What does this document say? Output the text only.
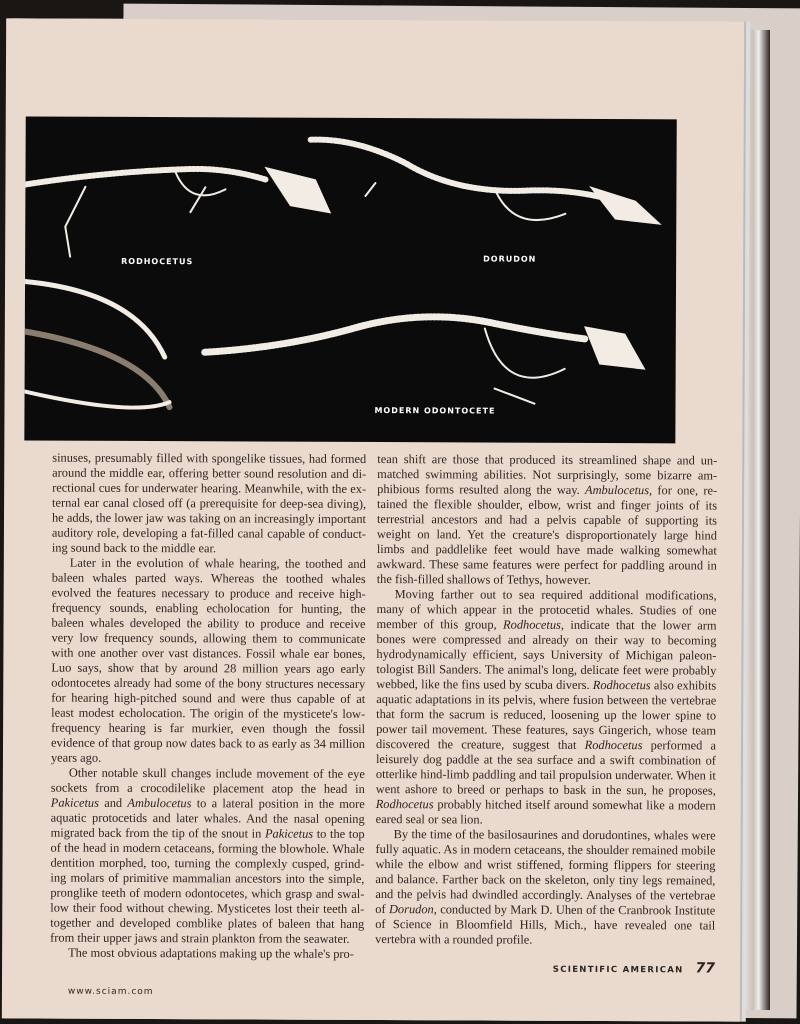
RODHOCETUS	DORUDON
MODERN ODONTOCETE

sinuses, presumably filled with spongelike tissues, had formed around the middle ear, offering better sound resolution and directional cues for underwater hearing. Meanwhile, with the external ear canal closed off (a prerequisite for deep-sea diving), he adds, the lower jaw was taking on an increasingly important auditory role, developing a fat-filled canal capable of conducting sound back to the middle ear.

Later in the evolution of whale hearing, the toothed and baleen whales parted ways. Whereas the toothed whales evolved the features necessary to produce and receive high-frequency sounds, enabling echolocation for hunting, the baleen whales developed the ability to produce and receive very low frequency sounds, allowing them to communicate with one another over vast distances. Fossil whale ear bones, Luo says, show that by around 28 million years ago early odontocetes already had some of the bony structures necessary for hearing high-pitched sound and were thus capable of at least modest echolocation. The origin of the mysticete's low-frequency hearing is far murkier, even though the fossil evidence of that group now dates back to as early as 34 million years ago.

Other notable skull changes include movement of the eye sockets from a crocodilelike placement atop the head in Pakicetus and Ambulocetus to a lateral position in the more aquatic protocetids and later whales. And the nasal opening migrated back from the tip of the snout in Pakicetus to the top of the head in modern cetaceans, forming the blowhole. Whale dentition morphed, too, turning the complexly cusped, grinding molars of primitive mammalian ancestors into the simple, pronglike teeth of modern odontocetes, which grasp and swallow their food without chewing. Mysticetes lost their teeth altogether and developed comblike plates of baleen that hang from their upper jaws and strain plankton from the seawater.

The most obvious adaptations making up the whale's pro-

www.sciam.com

tean shift are those that produced its streamlined shape and unmatched swimming abilities. Not surprisingly, some bizarre amphibious forms resulted along the way. Ambulocetus, for one, retained the flexible shoulder, elbow, wrist and finger joints of its terrestrial ancestors and had a pelvis capable of supporting its weight on land. Yet the creature's disproportionately large hind limbs and paddlelike feet would have made walking somewhat awkward. These same features were perfect for paddling around in the fish-filled shallows of Tethys, however.

Moving farther out to sea required additional modifications, many of which appear in the protocetid whales. Studies of one member of this group, Rodhocetus, indicate that the lower arm bones were compressed and already on their way to becoming hydrodynamically efficient, says University of Michigan paleontologist Bill Sanders. The animal's long, delicate feet were probably webbed, like the fins used by scuba divers. Rodhocetus also exhibits aquatic adaptations in its pelvis, where fusion between the vertebrae that form the sacrum is reduced, loosening up the lower spine to power tail movement. These features, says Gingerich, whose team discovered the creature, suggest that Rodhocetus performed a leisurely dog paddle at the sea surface and a swift combination of otterlike hind-limb paddling and tail propulsion underwater. When it went ashore to breed or perhaps to bask in the sun, he proposes, Rodhocetus probably hitched itself around somewhat like a modern eared seal or sea lion.

By the time of the basilosaurines and dorudontines, whales were fully aquatic. As in modern cetaceans, the shoulder remained mobile while the elbow and wrist stiffened, forming flippers for steering and balance. Farther back on the skeleton, only tiny legs remained, and the pelvis had dwindled accordingly. Analyses of the vertebrae of Dorudon, conducted by Mark D. Uhen of the Cranbrook Institute of Science in Bloomfield Hills, Mich., have revealed one tail vertebra with a rounded profile.

SCIENTIFIC AMERICAN 77
